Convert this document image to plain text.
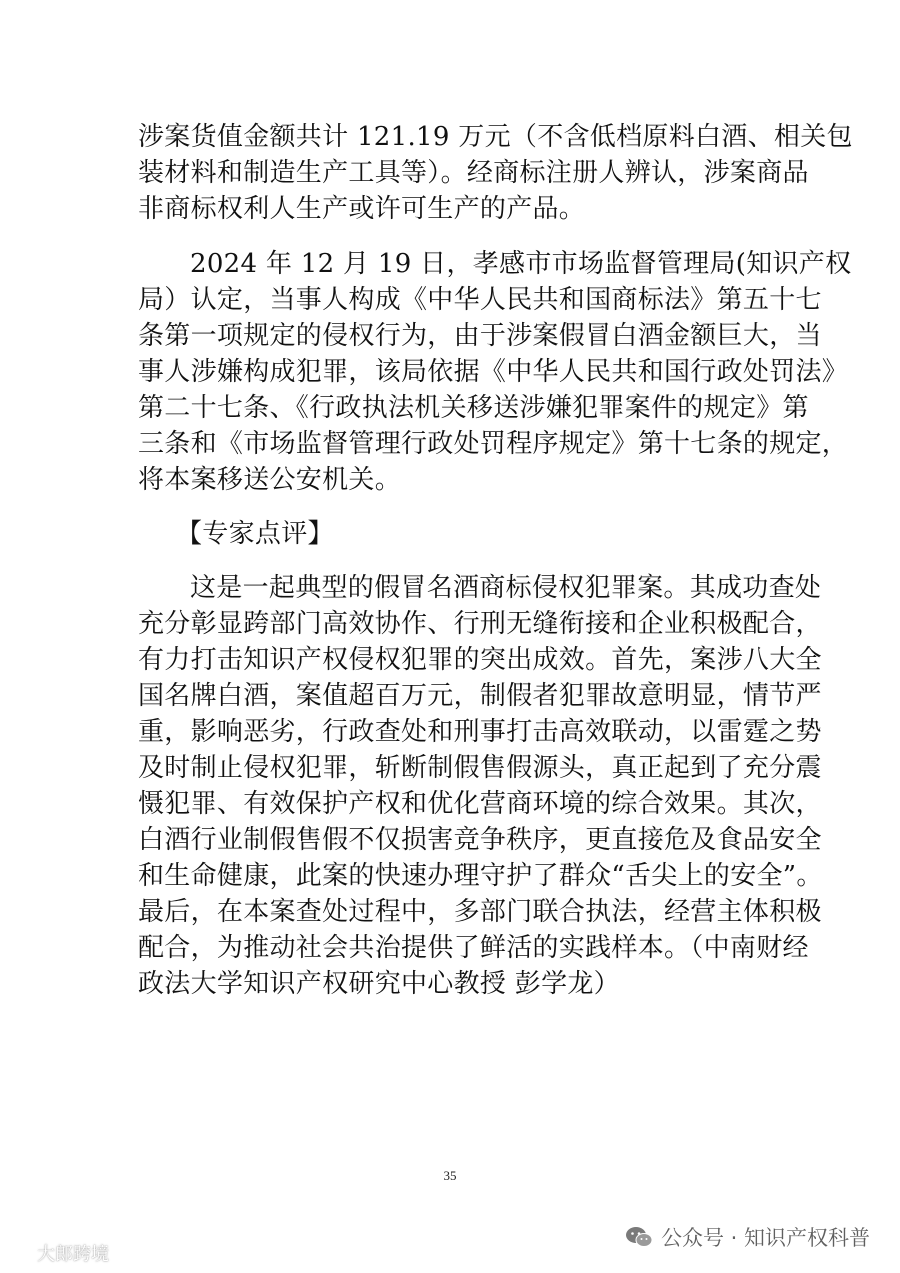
涉案货值金额共计 121.19 万元（不含低档原料白酒、相关包
装材料和制造生产工具等）。经商标注册人辨认，涉案商品
非商标权利人生产或许可生产的产品。
2024 年 12 月 19 日，孝感市市场监督管理局(知识产权
局）认定，当事人构成《中华人民共和国商标法》第五十七
条第一项规定的侵权行为，由于涉案假冒白酒金额巨大，当
事人涉嫌构成犯罪，该局依据《中华人民共和国行政处罚法》
第二十七条、《行政执法机关移送涉嫌犯罪案件的规定》第
三条和《市场监督管理行政处罚程序规定》第十七条的规定，
将本案移送公安机关。
【专家点评】
这是一起典型的假冒名酒商标侵权犯罪案。其成功查处
充分彰显跨部门高效协作、行刑无缝衔接和企业积极配合，
有力打击知识产权侵权犯罪的突出成效。首先，案涉八大全
国名牌白酒，案值超百万元，制假者犯罪故意明显，情节严
重，影响恶劣，行政查处和刑事打击高效联动，以雷霆之势
及时制止侵权犯罪，斩断制假售假源头，真正起到了充分震
慑犯罪、有效保护产权和优化营商环境的综合效果。其次，
白酒行业制假售假不仅损害竞争秩序，更直接危及食品安全
和生命健康，此案的快速办理守护了群众“舌尖上的安全”。
最后，在本案查处过程中，多部门联合执法，经营主体积极
配合，为推动社会共治提供了鲜活的实践样本。（中南财经
政法大学知识产权研究中心教授 彭学龙）
35
公众号 · 知识产权科普
大郎跨境
